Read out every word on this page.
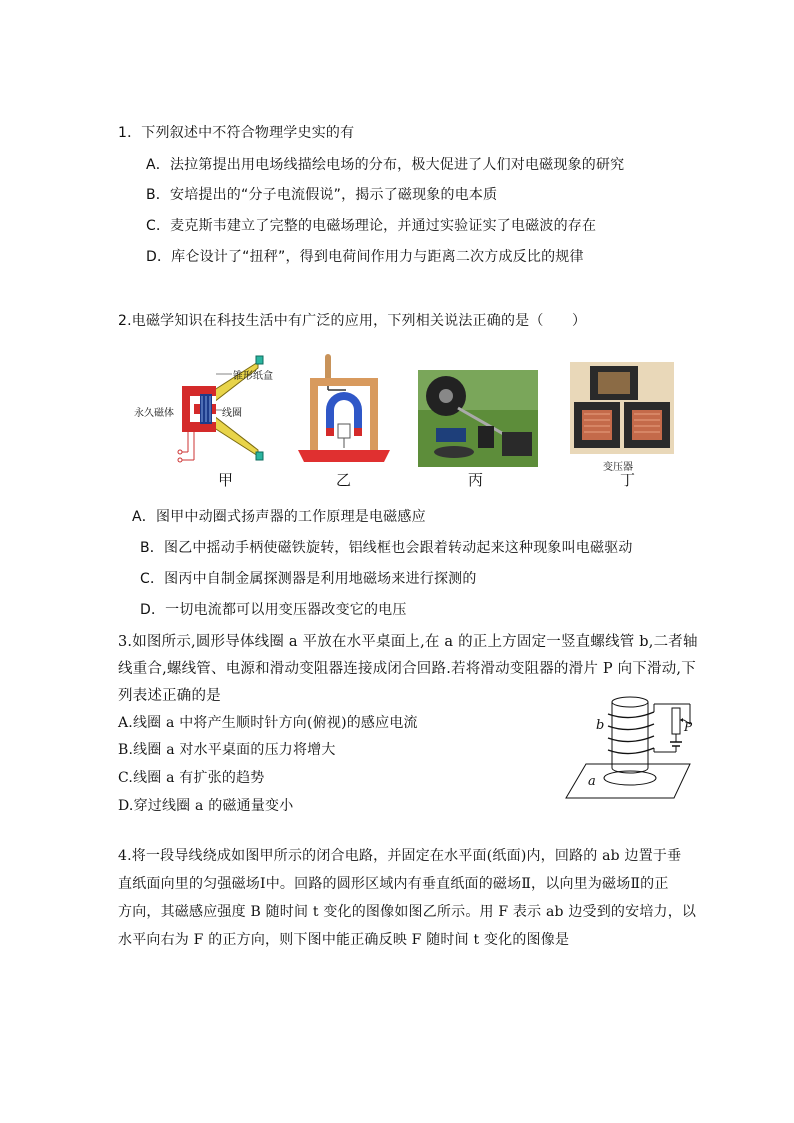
1．下列叙述中不符合物理学史实的有
A．法拉第提出用电场线描绘电场的分布，极大促进了人们对电磁现象的研究
B．安培提出的“分子电流假说”，揭示了磁现象的电本质
C．麦克斯韦建立了完整的电磁场理论，并通过实验证实了电磁波的存在
D．库仑设计了“扭秤”，得到电荷间作用力与距离二次方成反比的规律
2.电磁学知识在科技生活中有广泛的应用，下列相关说法正确的是（　　）
锥形纸盒
线圈
永久磁体
甲	乙	丙
变压器
丁
A．图甲中动圈式扬声器的工作原理是电磁感应
B．图乙中摇动手柄使磁铁旋转，铝线框也会跟着转动起来这种现象叫电磁驱动
C．图丙中自制金属探测器是利用地磁场来进行探测的
D．一切电流都可以用变压器改变它的电压
3.如图所示,圆形导体线圈 a 平放在水平桌面上,在 a 的正上方固定一竖直螺线管 b,二者轴
线重合,螺线管、电源和滑动变阻器连接成闭合回路.若将滑动变阻器的滑片 P 向下滑动,下
列表述正确的是
A.线圈 a 中将产生顺时针方向(俯视)的感应电流
B.线圈 a 对水平桌面的压力将增大
C.线圈 a 有扩张的趋势
D.穿过线圈 a 的磁通量变小
b	P
a
4.将一段导线绕成如图甲所示的闭合电路，并固定在水平面(纸面)内，回路的 ab 边置于垂
直纸面向里的匀强磁场Ⅰ中。回路的圆形区域内有垂直纸面的磁场Ⅱ，以向里为磁场Ⅱ的正
方向，其磁感应强度 B 随时间 t 变化的图像如图乙所示。用 F 表示 ab 边受到的安培力，以
水平向右为 F 的正方向，则下图中能正确反映 F 随时间 t 变化的图像是
